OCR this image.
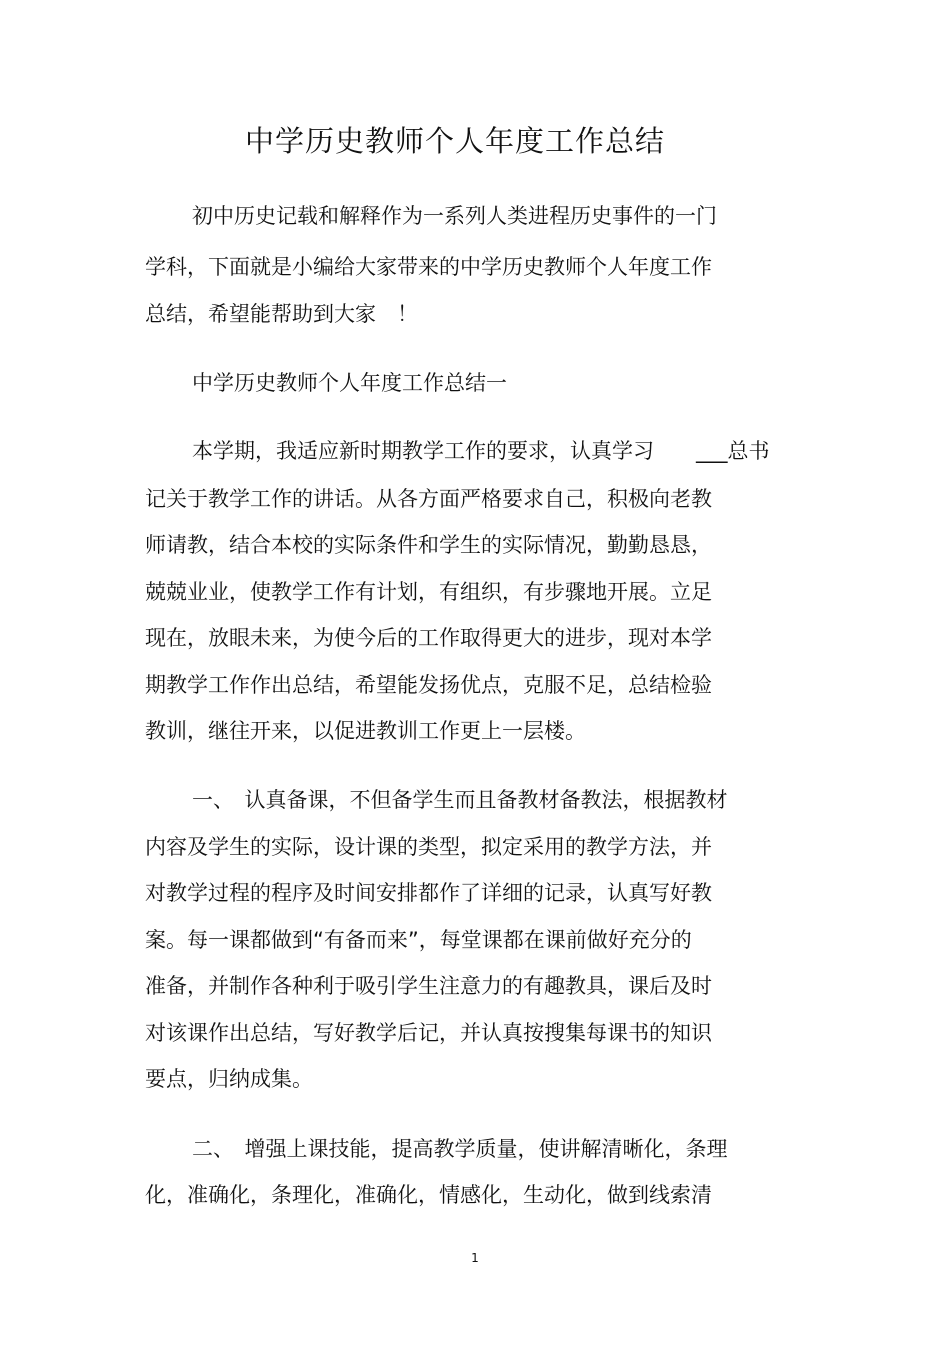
中学历史教师个人年度工作总结
初中历史记载和解释作为一系列人类进程历史事件的一门
学科，下面就是小编给大家带来的中学历史教师个人年度工作
总结，希望能帮助到大家　！
中学历史教师个人年度工作总结一
本学期，我适应新时期教学工作的要求，认真学习　　___总书
记关于教学工作的讲话。从各方面严格要求自己，积极向老教
师请教，结合本校的实际条件和学生的实际情况，勤勤恳恳，
兢兢业业，使教学工作有计划，有组织，有步骤地开展。立足
现在，放眼未来，为使今后的工作取得更大的进步，现对本学
期教学工作作出总结，希望能发扬优点，克服不足，总结检验
教训，继往开来，以促进教训工作更上一层楼。
一、　认真备课，不但备学生而且备教材备教法，根据教材
内容及学生的实际，设计课的类型，拟定采用的教学方法，并
对教学过程的程序及时间安排都作了详细的记录，认真写好教
案。每一课都做到“有备而来”，每堂课都在课前做好充分的
准备，并制作各种利于吸引学生注意力的有趣教具，课后及时
对该课作出总结，写好教学后记，并认真按搜集每课书的知识
要点，归纳成集。
二、　增强上课技能，提高教学质量，使讲解清晰化，条理
化，准确化，条理化，准确化，情感化，生动化，做到线索清
1
